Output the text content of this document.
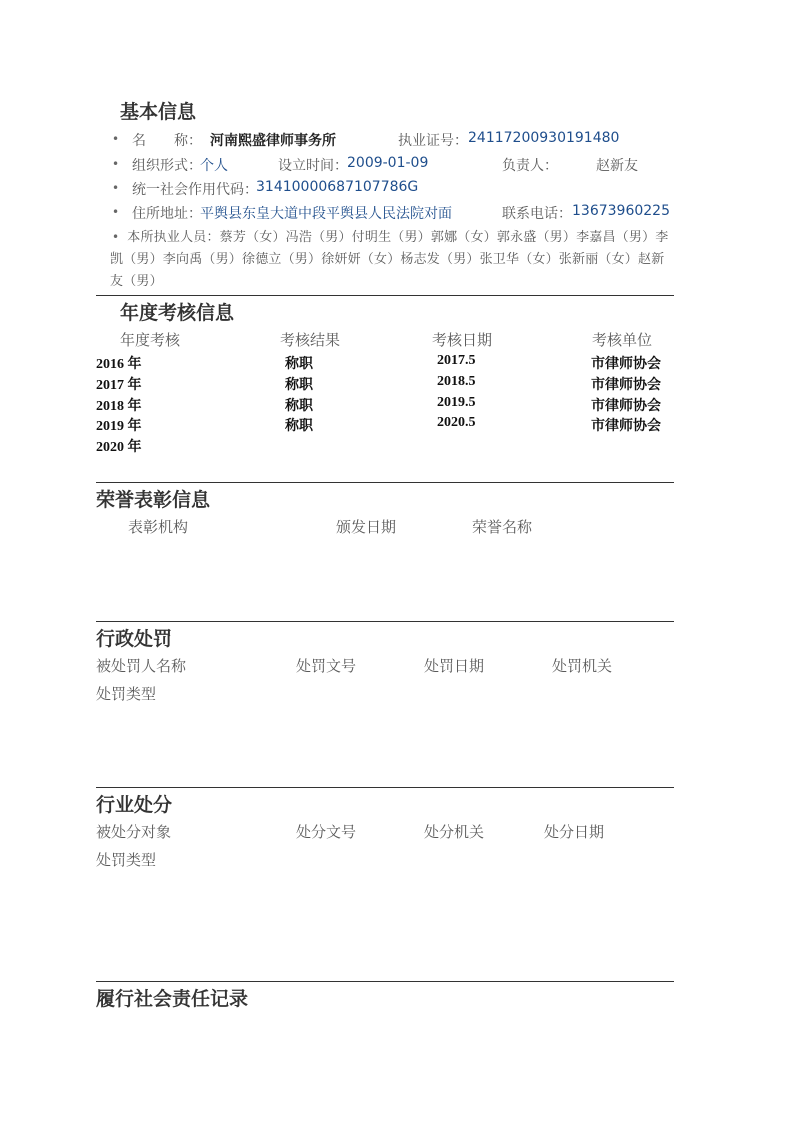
基本信息
• 名　　称： 河南熙盛律师事务所	执业证号： 24117200930191480
• 组织形式：
个人	设立时间： 2009-01-09	负责人：	赵新友
• 统一社会作用代码：
31410000687107786G
• 住所地址：
平舆县东皇大道中段平舆县人民法院对面	联系电话： 13673960225
• 本所执业人员：蔡芳（女）冯浩（男）付明生（男）郭娜（女）郭永盛（男）李嘉昌（男）李凯（男）李向禹（男）徐德立（男）徐妍妍（女）杨志发（男）张卫华（女）张新丽（女）赵新友（男）
年度考核信息
年度考核	考核结果	考核日期	考核单位
2016 年	称职	2017.5	市律师协会
2017 年	称职	2018.5	市律师协会
2018 年	称职	2019.5	市律师协会
2019 年	称职	2020.5	市律师协会
2020 年
荣誉表彰信息
表彰机构	颁发日期	荣誉名称
行政处罚
被处罚人名称	处罚文号	处罚日期	处罚机关
处罚类型
行业处分
被处分对象	处分文号	处分机关	处分日期
处罚类型
履行社会责任记录
